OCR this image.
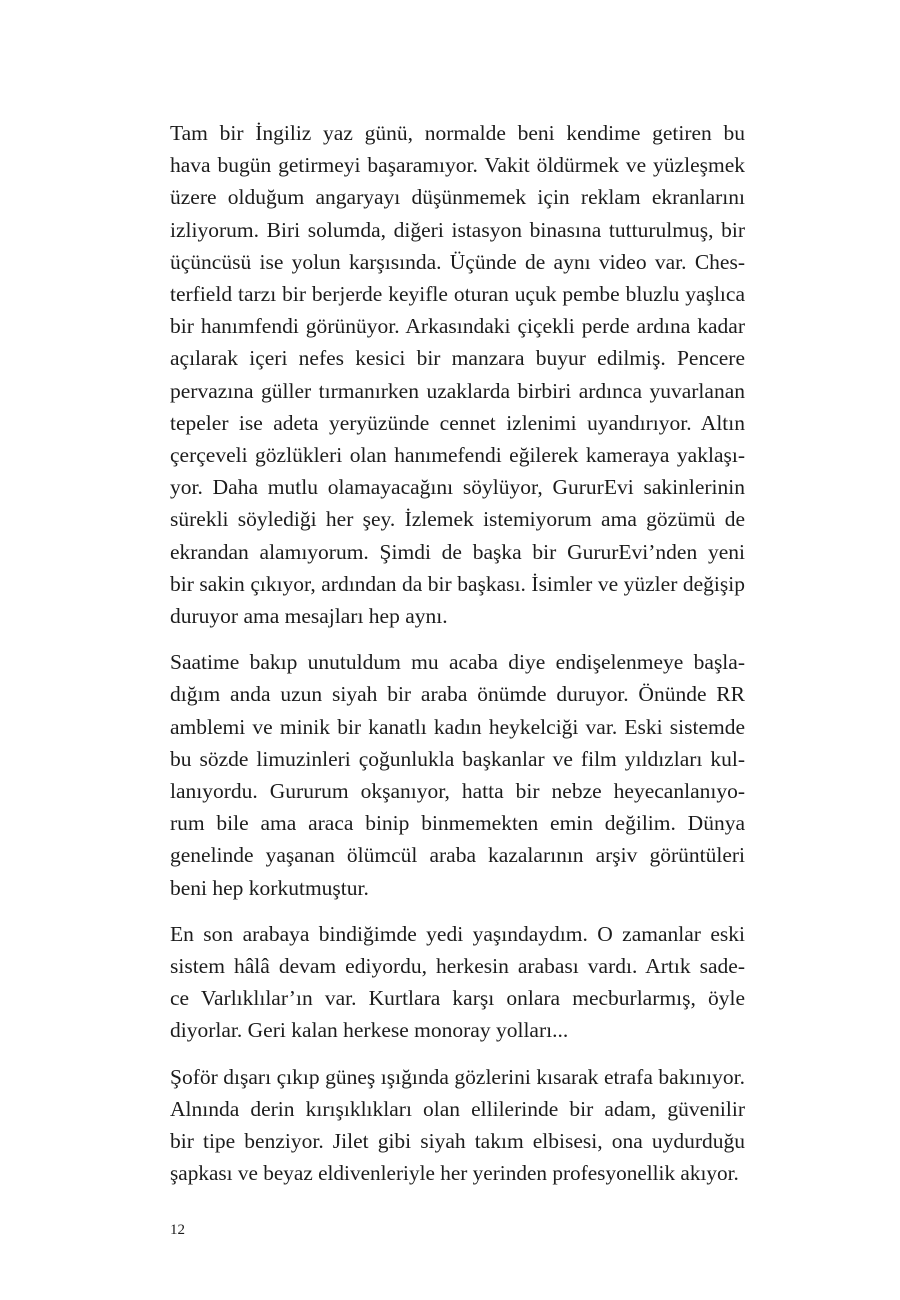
Tam bir İngiliz yaz günü, normalde beni kendime getiren bu
hava bugün getirmeyi başaramıyor. Vakit öldürmek ve yüzleşmek
üzere olduğum angaryayı düşünmemek için reklam ekranlarını
izliyorum. Biri solumda, diğeri istasyon binasına tutturulmuş, bir
üçüncüsü ise yolun karşısında. Üçünde de aynı video var. Ches-
terfield tarzı bir berjerde keyifle oturan uçuk pembe bluzlu yaşlıca
bir hanımfendi görünüyor. Arkasındaki çiçekli perde ardına kadar
açılarak içeri nefes kesici bir manzara buyur edilmiş. Pencere
pervazına güller tırmanırken uzaklarda birbiri ardınca yuvarlanan
tepeler ise adeta yeryüzünde cennet izlenimi uyandırıyor. Altın
çerçeveli gözlükleri olan hanımefendi eğilerek kameraya yaklaşı-
yor. Daha mutlu olamayacağını söylüyor, GururEvi sakinlerinin
sürekli söylediği her şey. İzlemek istemiyorum ama gözümü de
ekrandan alamıyorum. Şimdi de başka bir GururEvi’nden yeni
bir sakin çıkıyor, ardından da bir başkası. İsimler ve yüzler değişip
duruyor ama mesajları hep aynı.
Saatime bakıp unutuldum mu acaba diye endişelenmeye başla-
dığım anda uzun siyah bir araba önümde duruyor. Önünde RR
amblemi ve minik bir kanatlı kadın heykelciği var. Eski sistemde
bu sözde limuzinleri çoğunlukla başkanlar ve film yıldızları kul-
lanıyordu. Gururum okşanıyor, hatta bir nebze heyecanlanıyo-
rum bile ama araca binip binmemekten emin değilim. Dünya
genelinde yaşanan ölümcül araba kazalarının arşiv görüntüleri
beni hep korkutmuştur.
En son arabaya bindiğimde yedi yaşındaydım. O zamanlar eski
sistem hâlâ devam ediyordu, herkesin arabası vardı. Artık sade-
ce Varlıklılar’ın var. Kurtlara karşı onlara mecburlarmış, öyle
diyorlar. Geri kalan herkese monoray yolları...
Şoför dışarı çıkıp güneş ışığında gözlerini kısarak etrafa bakınıyor.
Alnında derin kırışıklıkları olan ellilerinde bir adam, güvenilir
bir tipe benziyor. Jilet gibi siyah takım elbisesi, ona uydurduğu
şapkası ve beyaz eldivenleriyle her yerinden profesyonellik akıyor.
12
